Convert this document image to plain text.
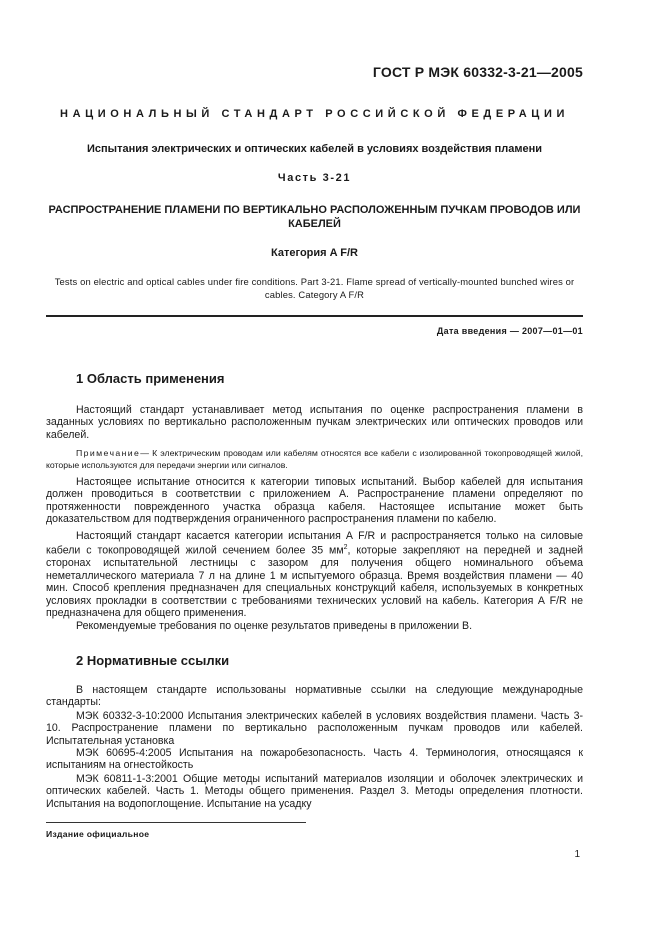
ГОСТ Р МЭК 60332-3-21—2005
НАЦИОНАЛЬНЫЙ СТАНДАРТ РОССИЙСКОЙ ФЕДЕРАЦИИ
Испытания электрических и оптических кабелей в условиях воздействия пламени
Часть 3-21
РАСПРОСТРАНЕНИЕ ПЛАМЕНИ ПО ВЕРТИКАЛЬНО РАСПОЛОЖЕННЫМ ПУЧКАМ ПРОВОДОВ ИЛИ КАБЕЛЕЙ
Категория A F/R
Tests on electric and optical cables under fire conditions. Part 3-21. Flame spread of vertically-mounted bunched wires or cables. Category A F/R
Дата введения — 2007—01—01
1 Область применения

Настоящий стандарт устанавливает метод испытания по оценке распространения пламени в заданных условиях по вертикально расположенным пучкам электрических или оптических проводов или кабелей.

Примечание— К электрическим проводам или кабелям относятся все кабели с изолированной токопроводящей жилой, которые используются для передачи энергии или сигналов.

Настоящее испытание относится к категории типовых испытаний. Выбор кабелей для испытания должен проводиться в соответствии с приложением А. Распространение пламени определяют по протяженности поврежденного участка образца кабеля. Настоящее испытание может быть доказательством для подтверждения ограниченного распространения пламени по кабелю.

Настоящий стандарт касается категории испытания А F/R и распространяется только на силовые кабели с токопроводящей жилой сечением более 35 $мм^2$, которые закрепляют на передней и задней сторонах испытательной лестницы с зазором для получения общего номинального объема неметаллического материала 7 л на длине 1 м испытуемого образца. Время воздействия пламени — 40 мин. Способ крепления предназначен для специальных конструкций кабеля, используемых в конкретных условиях прокладки в соответствии с требованиями технических условий на кабель. Категория А F/R не предназначена для общего применения.

Рекомендуемые требования по оценке результатов приведены в приложении В.

2 Нормативные ссылки

В настоящем стандарте использованы нормативные ссылки на следующие международные стандарты:

МЭК 60332-3-10:2000 Испытания электрических кабелей в условиях воздействия пламени. Часть 3-10. Распространение пламени по вертикально расположенным пучкам проводов или кабелей. Испытательная установка

МЭК 60695-4:2005 Испытания на пожаробезопасность. Часть 4. Терминология, относящаяся к испытаниям на огнестойкость

МЭК 60811-1-3:2001 Общие методы испытаний материалов изоляции и оболочек электрических и оптических кабелей. Часть 1. Методы общего применения. Раздел 3. Методы определения плотности. Испытания на водопоглощение. Испытание на усадку

Издание официальное
1
